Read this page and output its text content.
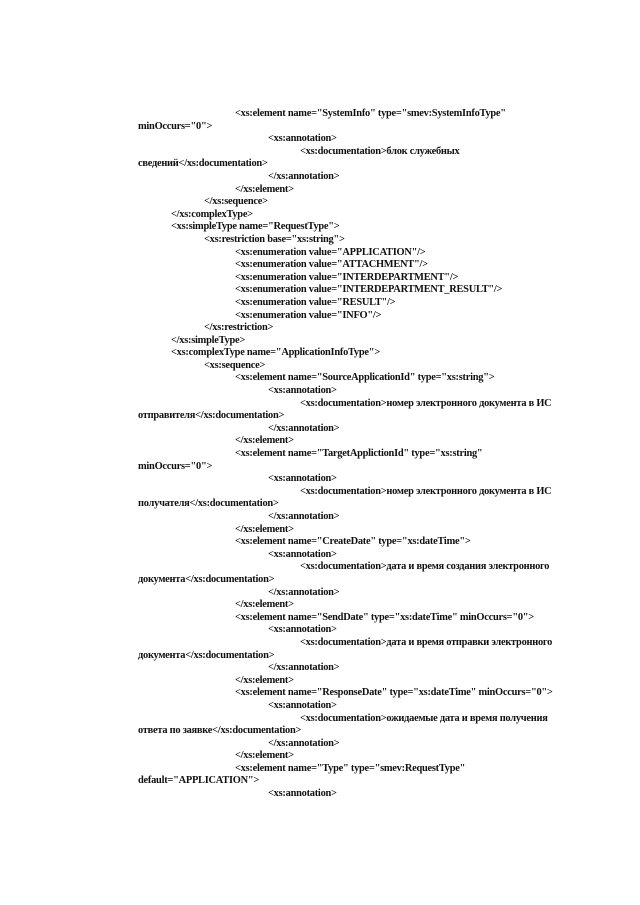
<xs:element name="SystemInfo" type="smev:SystemInfoType"
minOccurs="0">
<xs:annotation>
<xs:documentation>блок служебных
сведений</xs:documentation>
</xs:annotation>
</xs:element>
</xs:sequence>
</xs:complexType>
<xs:simpleType name="RequestType">
<xs:restriction base="xs:string">
<xs:enumeration value="APPLICATION"/>
<xs:enumeration value="ATTACHMENT"/>
<xs:enumeration value="INTERDEPARTMENT"/>
<xs:enumeration value="INTERDEPARTMENT_RESULT"/>
<xs:enumeration value="RESULT"/>
<xs:enumeration value="INFO"/>
</xs:restriction>
</xs:simpleType>
<xs:complexType name="ApplicationInfoType">
<xs:sequence>
<xs:element name="SourceApplicationId" type="xs:string">
<xs:annotation>
<xs:documentation>номер электронного документа в ИС
отправителя</xs:documentation>
</xs:annotation>
</xs:element>
<xs:element name="TargetApplictionId" type="xs:string"
minOccurs="0">
<xs:annotation>
<xs:documentation>номер электронного документа в ИС
получателя</xs:documentation>
</xs:annotation>
</xs:element>
<xs:element name="CreateDate" type="xs:dateTime">
<xs:annotation>
<xs:documentation>дата и время создания электронного
документа</xs:documentation>
</xs:annotation>
</xs:element>
<xs:element name="SendDate" type="xs:dateTime" minOccurs="0">
<xs:annotation>
<xs:documentation>дата и время отправки электронного
документа</xs:documentation>
</xs:annotation>
</xs:element>
<xs:element name="ResponseDate" type="xs:dateTime" minOccurs="0">
<xs:annotation>
<xs:documentation>ожидаемые дата и время получения
ответа по заявке</xs:documentation>
</xs:annotation>
</xs:element>
<xs:element name="Type" type="smev:RequestType"
default="APPLICATION">
<xs:annotation>
